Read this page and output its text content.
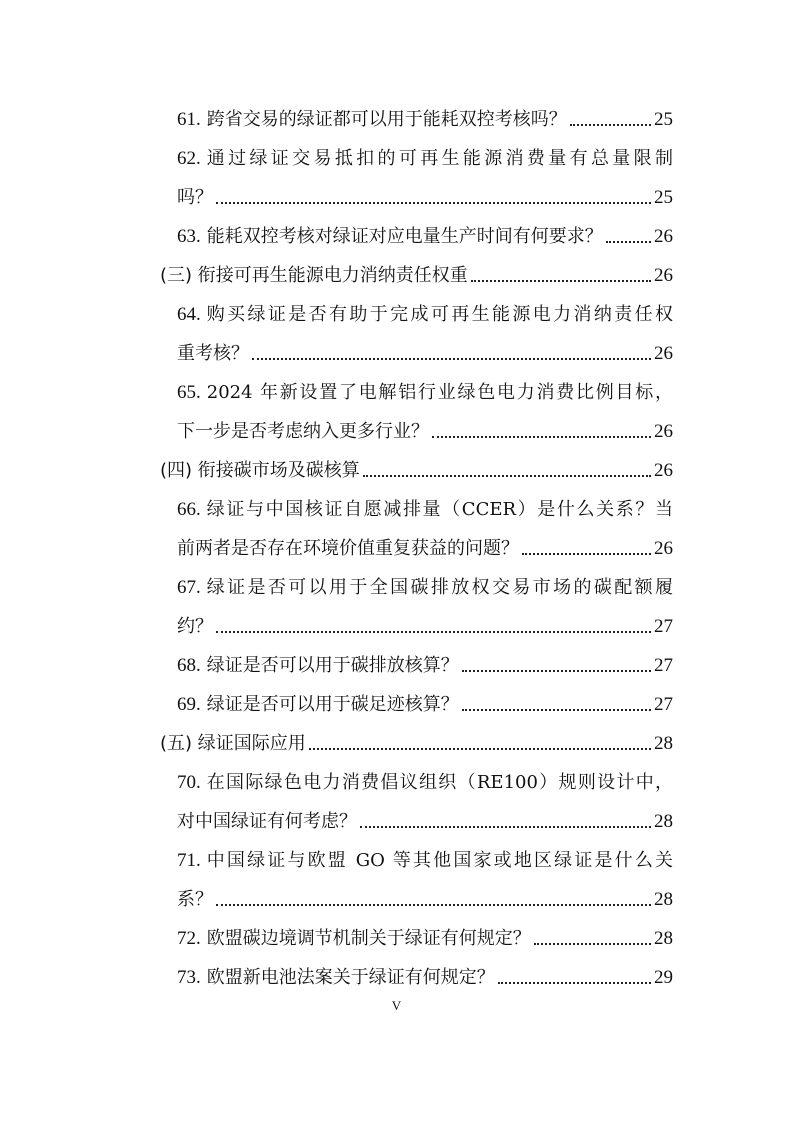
61. 跨省交易的绿证都可以用于能耗双控考核吗？	25
62. 通过绿证交易抵扣的可再生能源消费量有总量限制
吗？	25
63. 能耗双控考核对绿证对应电量生产时间有何要求？	26
(三) 衔接可再生能源电力消纳责任权重	26
64. 购买绿证是否有助于完成可再生能源电力消纳责任权
重考核？	26
65. 2024 年新设置了电解铝行业绿色电力消费比例目标，
下一步是否考虑纳入更多行业？	26
(四) 衔接碳市场及碳核算	26
66. 绿证与中国核证自愿减排量（CCER）是什么关系？当
前两者是否存在环境价值重复获益的问题？	26
67. 绿证是否可以用于全国碳排放权交易市场的碳配额履
约？	27
68. 绿证是否可以用于碳排放核算？	27
69. 绿证是否可以用于碳足迹核算？	27
(五) 绿证国际应用	28
70. 在国际绿色电力消费倡议组织（RE100）规则设计中，
对中国绿证有何考虑？	28
71. 中国绿证与欧盟 GO 等其他国家或地区绿证是什么关
系？	28
72. 欧盟碳边境调节机制关于绿证有何规定？	28
73. 欧盟新电池法案关于绿证有何规定？	29
V
